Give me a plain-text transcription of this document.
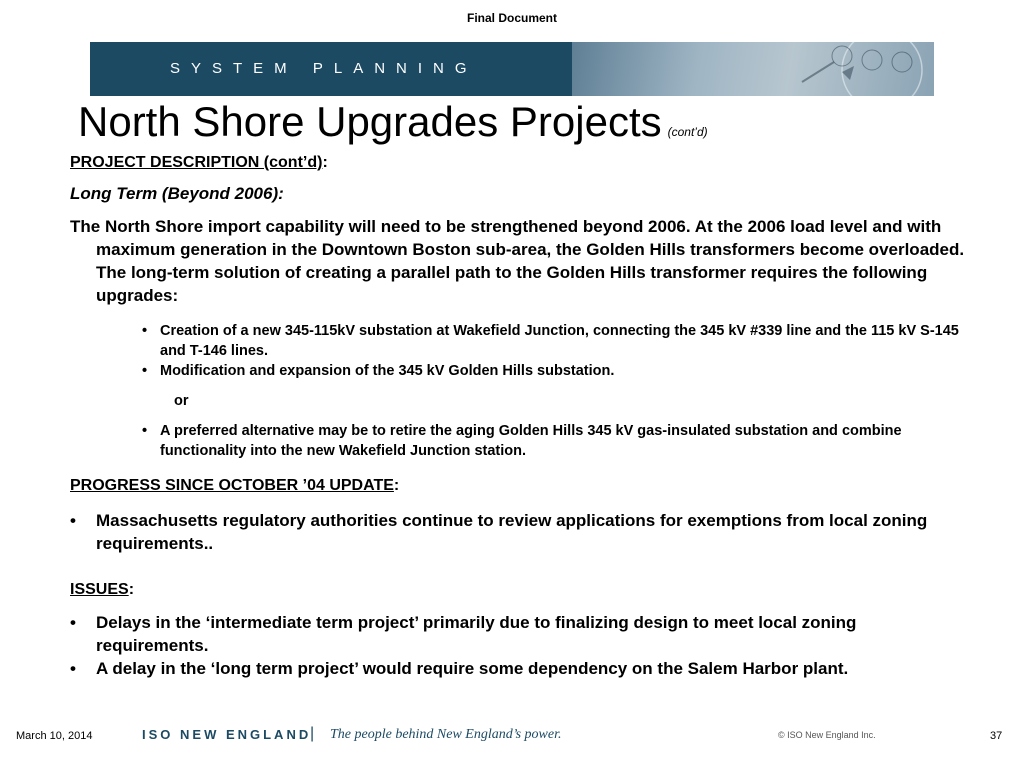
Final Document
SYSTEM PLANNING
North Shore Upgrades Projects (cont’d)

PROJECT DESCRIPTION (cont’d):

Long Term (Beyond 2006):

The North Shore import capability will need to be strengthened beyond 2006. At the 2006 load level and with maximum generation in the Downtown Boston sub-area, the Golden Hills transformers become overloaded. The long-term solution of creating a parallel path to the Golden Hills transformer requires the following upgrades:

• Creation of a new 345-115kV substation at Wakefield Junction, connecting the 345 kV #339 line and the 115 kV S-145 and T-146 lines.
• Modification and expansion of the 345 kV Golden Hills substation.

or

• A preferred alternative may be to retire the aging Golden Hills 345 kV gas-insulated substation and combine functionality into the new Wakefield Junction station.

PROGRESS SINCE OCTOBER ’04 UPDATE:

• Massachusetts regulatory authorities continue to review applications for exemptions from local zoning requirements..

ISSUES:

• Delays in the ‘intermediate term project’ primarily due to finalizing design to meet local zoning requirements.
• A delay in the ‘long term project’ would require some dependency on the Salem Harbor plant.
March 10, 2014	ISO NEW ENGLAND
| The people behind New England’s power.	© ISO New England Inc.	37
